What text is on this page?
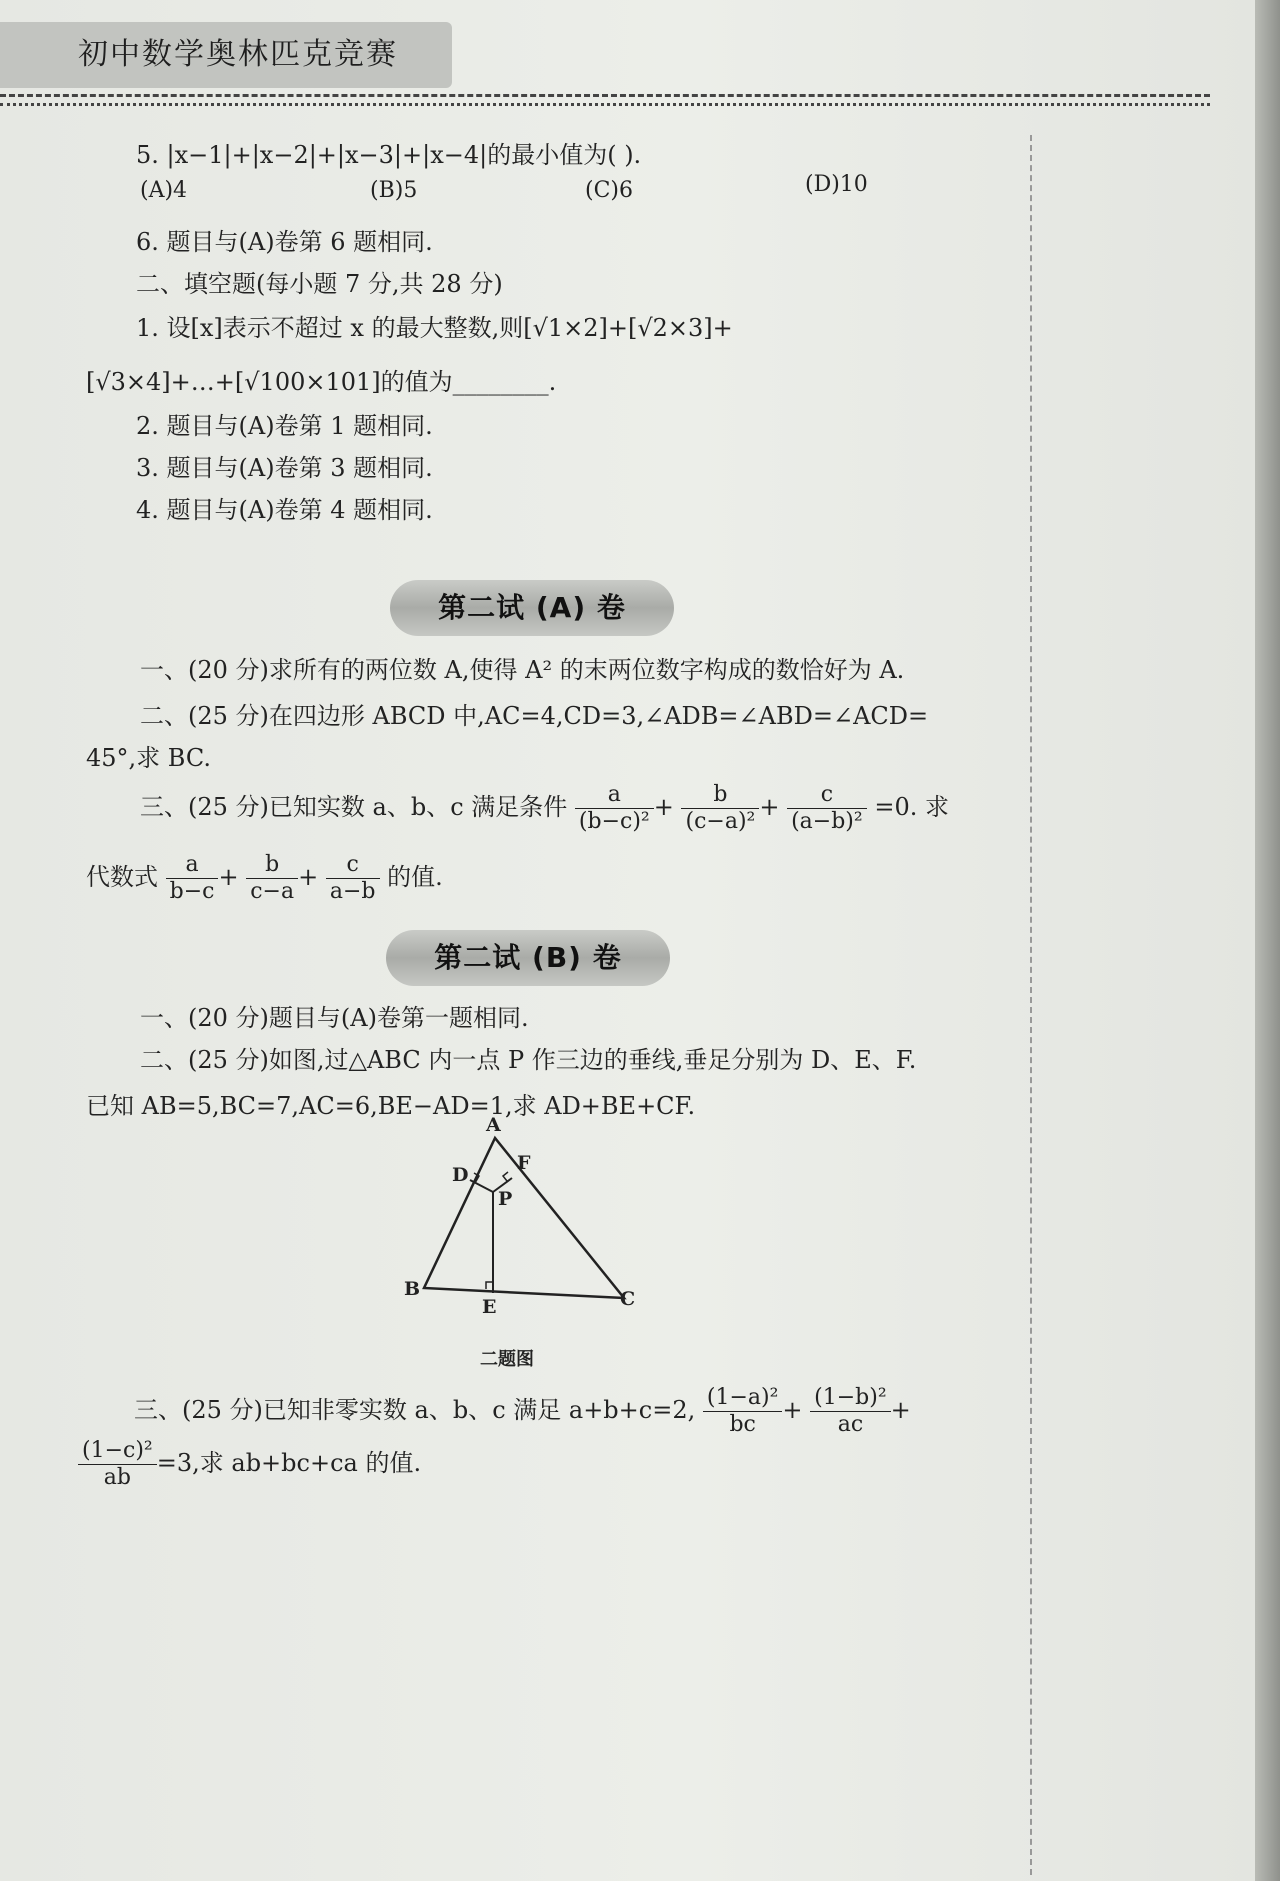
初中数学奥林匹克竞赛
5. |x−1|+|x−2|+|x−3|+|x−4|的最小值为( ).
(A)4	(B)5	(C)6	(D)10
6. 题目与(A)卷第 6 题相同.
二、填空题(每小题 7 分,共 28 分)
1. 设[x]表示不超过 x 的最大整数,则[√1×2]+[√2×3]+
[√3×4]+…+[√100×101]的值为________.
2. 题目与(A)卷第 1 题相同.
3. 题目与(A)卷第 3 题相同.
4. 题目与(A)卷第 4 题相同.
第二试 (A) 卷
一、(20 分)求所有的两位数 A,使得 A² 的末两位数字构成的数恰好为 A.
二、(25 分)在四边形 ABCD 中,AC=4,CD=3,∠ADB=∠ABD=∠ACD=
45°,求 BC.
三、(25 分)已知实数 a、b、c 满足条件 $\frac{a}{\text{(b−c)²}} + \frac{b}{\text{(c−a)²}} + \frac{c}{\text{(a−b)²}} =0$. 求
代数式 $\frac{a}{b-c} + \frac{b}{c-a} + \frac{c}{a-b}$ 的值.
第二试 (B) 卷
一、(20 分)题目与(A)卷第一题相同.
二、(25 分)如图,过△ABC 内一点 P 作三边的垂线,垂足分别为 D、E、F.
已知 AB=5,BC=7,AC=6,BE−AD=1,求 AD+BE+CF.
A
B	C
D
E
F
P
二题图
三、(25 分)已知非零实数 a、b、c 满足 a+b+c=2, $\frac{\text{(1−a)²}}{bc} + \frac{\text{(1−b)²}}{ac}$ +
$\frac{\text{(1−c)²}}{ab} =3$,求 ab+bc+ca 的值.
